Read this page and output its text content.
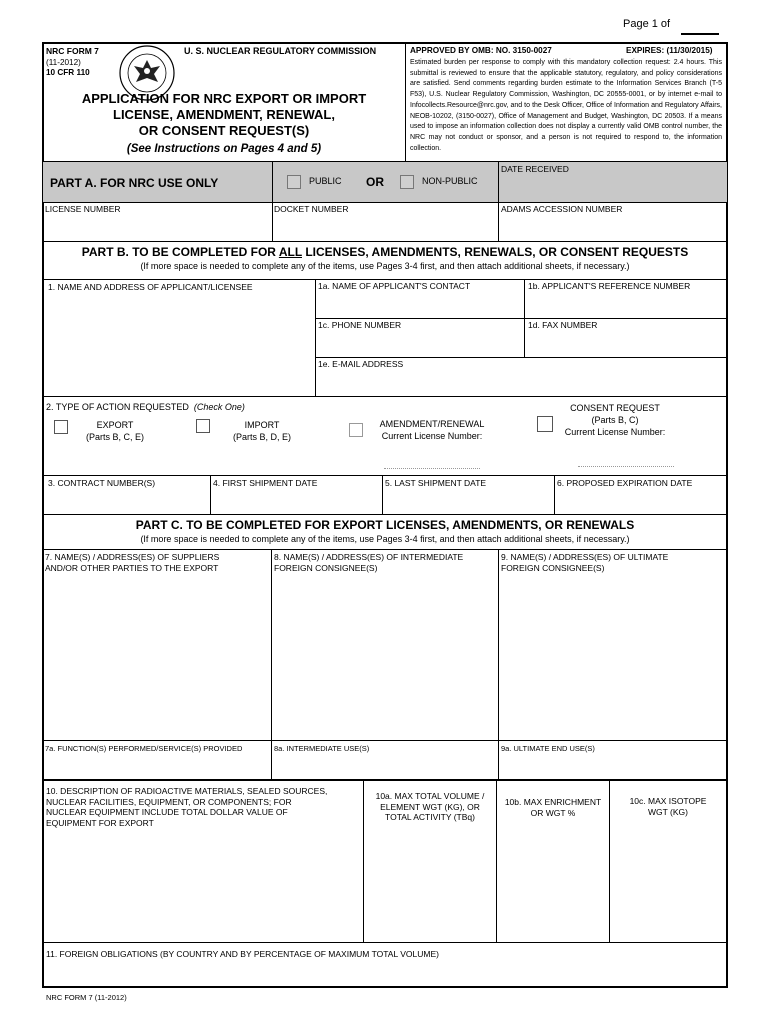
Page 1 of
NRC FORM 7
(11-2012)
10 CFR 110
U. S. NUCLEAR REGULATORY COMMISSION
APPLICATION FOR NRC EXPORT OR IMPORT
LICENSE, AMENDMENT, RENEWAL,
OR CONSENT REQUEST(S)
(See Instructions on Pages 4 and 5)
APPROVED BY OMB: NO. 3150-0027	EXPIRES: (11/30/2015)
Estimated burden per response to comply with this mandatory collection request: 2.4 hours. This submittal is reviewed to ensure that the applicable statutory, regulatory, and policy considerations are satisfied. Send comments regarding burden estimate to the Information Services Branch (T-5 F53), U.S. Nuclear Regulatory Commission, Washington, DC 20555-0001, or by internet e-mail to Infocollects.Resource@nrc.gov, and to the Desk Officer, Office of Information and Regulatory Affairs, NEOB-10202, (3150-0027), Office of Management and Budget, Washington, DC 20503. If a means used to impose an information collection does not display a currently valid OMB control number, the NRC may not conduct or sponsor, and a person is not required to respond to, the information collection.
PART A. FOR NRC USE ONLY	PUBLIC OR	NON-PUBLIC
DATE RECEIVED
LICENSE NUMBER	DOCKET NUMBER	ADAMS ACCESSION NUMBER
PART B. TO BE COMPLETED FOR ALL LICENSES, AMENDMENTS, RENEWALS, OR CONSENT REQUESTS
(If more space is needed to complete any of the items, use Pages 3-4 first, and then attach additional sheets, if necessary.)
1. NAME AND ADDRESS OF APPLICANT/LICENSEE	1a. NAME OF APPLICANT'S CONTACT	1b. APPLICANT'S REFERENCE NUMBER
1c. PHONE NUMBER	1d. FAX NUMBER
1e. E-MAIL ADDRESS
2. TYPE OF ACTION REQUESTED (Check One)
EXPORT
(Parts B, C, E)
IMPORT
(Parts B, D, E)
AMENDMENT/RENEWAL
Current License Number:
CONSENT REQUEST
(Parts B, C)
Current License Number:
3. CONTRACT NUMBER(S)	4. FIRST SHIPMENT DATE	5. LAST SHIPMENT DATE	6. PROPOSED EXPIRATION DATE
PART C. TO BE COMPLETED FOR EXPORT LICENSES, AMENDMENTS, OR RENEWALS
(If more space is needed to complete any of the items, use Pages 3-4 first, and then attach additional sheets, if necessary.)
7. NAME(S) / ADDRESS(ES) OF SUPPLIERS
AND/OR OTHER PARTIES TO THE EXPORT
8. NAME(S) / ADDRESS(ES) OF INTERMEDIATE
FOREIGN CONSIGNEE(S)
9. NAME(S) / ADDRESS(ES) OF ULTIMATE
FOREIGN CONSIGNEE(S)
7a. FUNCTION(S) PERFORMED/SERVICE(S) PROVIDED	8a. INTERMEDIATE USE(S)	9a. ULTIMATE END USE(S)
10. DESCRIPTION OF RADIOACTIVE MATERIALS, SEALED SOURCES,
NUCLEAR FACILITIES, EQUIPMENT, OR COMPONENTS; FOR
NUCLEAR EQUIPMENT INCLUDE TOTAL DOLLAR VALUE OF
EQUIPMENT FOR EXPORT
10a. MAX TOTAL VOLUME /
ELEMENT WGT (KG), OR
TOTAL ACTIVITY (TBq)
10b. MAX ENRICHMENT
OR WGT %
10c. MAX ISOTOPE
WGT (KG)
11. FOREIGN OBLIGATIONS (BY COUNTRY AND BY PERCENTAGE OF MAXIMUM TOTAL VOLUME)
NRC FORM 7 (11-2012)
